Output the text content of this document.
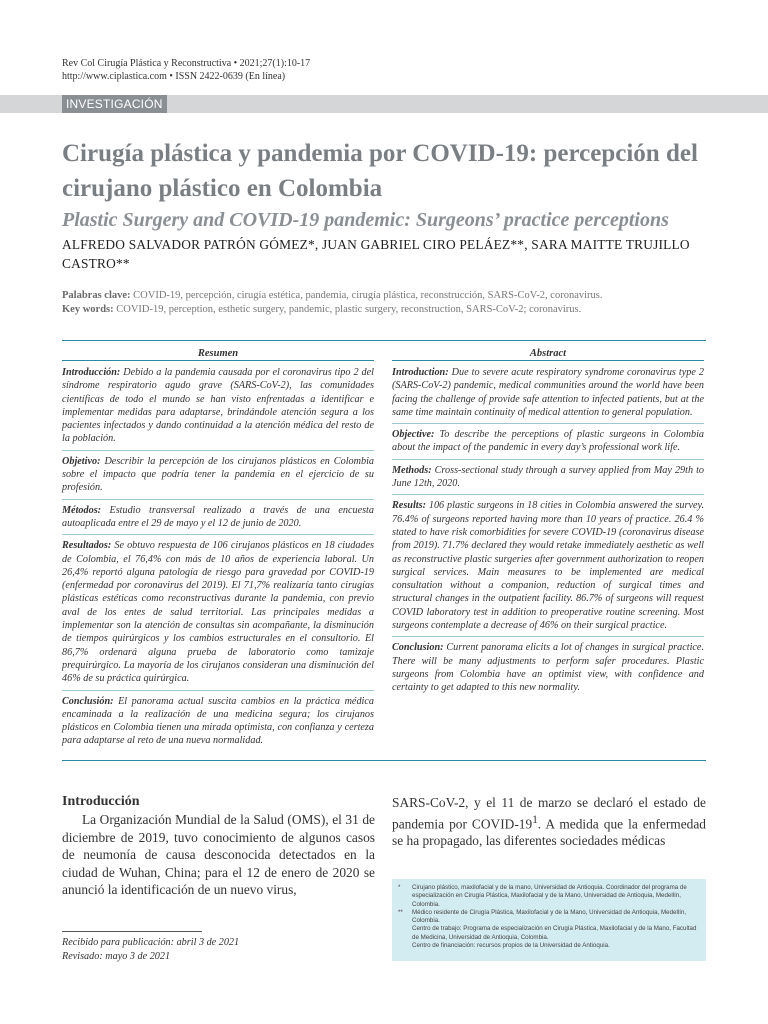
Rev Col Cirugía Plástica y Reconstructiva • 2021;27(1):10-17
http://www.ciplastica.com • ISSN 2422-0639 (En línea)
INVESTIGACIÓN
Cirugía plástica y pandemia por COVID-19: percepción del cirujano plástico en Colombia
Plastic Surgery and COVID-19 pandemic: Surgeons’ practice perceptions
ALFREDO SALVADOR PATRÓN GÓMEZ*, JUAN GABRIEL CIRO PELÁEZ**, SARA MAITTE TRUJILLO CASTRO**
Palabras clave: COVID-19, percepción, cirugía estética, pandemia, cirugía plástica, reconstrucción, SARS-CoV-2, coronavirus.
Key words: COVID-19, perception, esthetic surgery, pandemic, plastic surgery, reconstruction, SARS-CoV-2; coronavirus.
Resumen	Abstract

Introducción: Debido a la pandemia causada por el coronavirus tipo 2 del síndrome respiratorio agudo grave (SARS-CoV-2), las comunidades científicas de todo el mundo se han visto enfrentadas a identificar e implementar medidas para adaptarse, brindándole atención segura a los pacientes infectados y dando continuidad a la atención médica del resto de la población.

Objetivo: Describir la percepción de los cirujanos plásticos en Colombia sobre el impacto que podría tener la pandemia en el ejercicio de su profesión.

Métodos: Estudio transversal realizado a través de una encuesta autoaplicada entre el 29 de mayo y el 12 de junio de 2020.

Resultados: Se obtuvo respuesta de 106 cirujanos plásticos en 18 ciudades de Colombia, el 76,4% con más de 10 años de experiencia laboral. Un 26,4% reportó alguna patología de riesgo para gravedad por COVID-19 (enfermedad por coronavirus del 2019). El 71,7% realizaría tanto cirugías plásticas estéticas como reconstructivas durante la pandemia, con previo aval de los entes de salud territorial. Las principales medidas a implementar son la atención de consultas sin acompañante, la disminución de tiempos quirúrgicos y los cambios estructurales en el consultorio. El 86,7% ordenará alguna prueba de laboratorio como tamizaje prequirúrgico. La mayoría de los cirujanos consideran una disminución del 46% de su práctica quirúrgica.

Conclusión: El panorama actual suscita cambios en la práctica médica encaminada a la realización de una medicina segura; los cirujanos plásticos en Colombia tienen una mirada optimista, con confianza y certeza para adaptarse al reto de una nueva normalidad.

Introduction: Due to severe acute respiratory syndrome coronavirus type 2 (SARS-CoV-2) pandemic, medical communities around the world have been facing the challenge of provide safe attention to infected patients, but at the same time maintain continuity of medical attention to general population.

Objective: To describe the perceptions of plastic surgeons in Colombia about the impact of the pandemic in every day’s professional work life.

Methods: Cross-sectional study through a survey applied from May 29th to June 12th, 2020.

Results: 106 plastic surgeons in 18 cities in Colombia answered the survey. 76.4% of surgeons reported having more than 10 years of practice. 26.4 % stated to have risk comorbidities for severe COVID-19 (coronavirus disease from 2019). 71.7% declared they would retake immediately aesthetic as well as reconstructive plastic surgeries after government authorization to reopen surgical services. Main measures to be implemented are medical consultation without a companion, reduction of surgical times and structural changes in the outpatient facility. 86.7% of surgeons will request COVID laboratory test in addition to preoperative routine screening. Most surgeons contemplate a decrease of 46% on their surgical practice.

Conclusion: Current panorama elicits a lot of changes in surgical practice. There will be many adjustments to perform safer procedures. Plastic surgeons from Colombia have an optimist view, with confidence and certainty to get adapted to this new normality.

Introducción

La Organización Mundial de la Salud (OMS), el 31 de diciembre de 2019, tuvo conocimiento de algunos casos de neumonía de causa desconocida detectados en la ciudad de Wuhan, China; para el 12 de enero de 2020 se anunció la identificación de un nuevo virus,

SARS-CoV-2, y el 11 de marzo se declaró el estado de pandemia por COVID-$19^1$. A medida que la enfermedad se ha propagado, las diferentes sociedades médicas

Recibido para publicación: abril 3 de 2021
Revisado: mayo 3 de 2021
*	Cirujano plástico, maxilofacial y de la mano, Universidad de Antioquia. Coordinador del programa de especialización en Cirugía Plástica, Maxilofacial y de la Mano, Universidad de Antioquia, Medellín, Colombia.
**	Médico residente de Cirugía Plástica, Maxilofacial y de la Mano, Universidad de Antioquia, Medellín, Colombia.
Centro de trabajo: Programa de especialización en Cirugía Plástica, Maxilofacial y de la Mano, Facultad de Medicina, Universidad de Antioquia, Colombia.
Centro de financiación: recursos propios de la Universidad de Antioquia.
